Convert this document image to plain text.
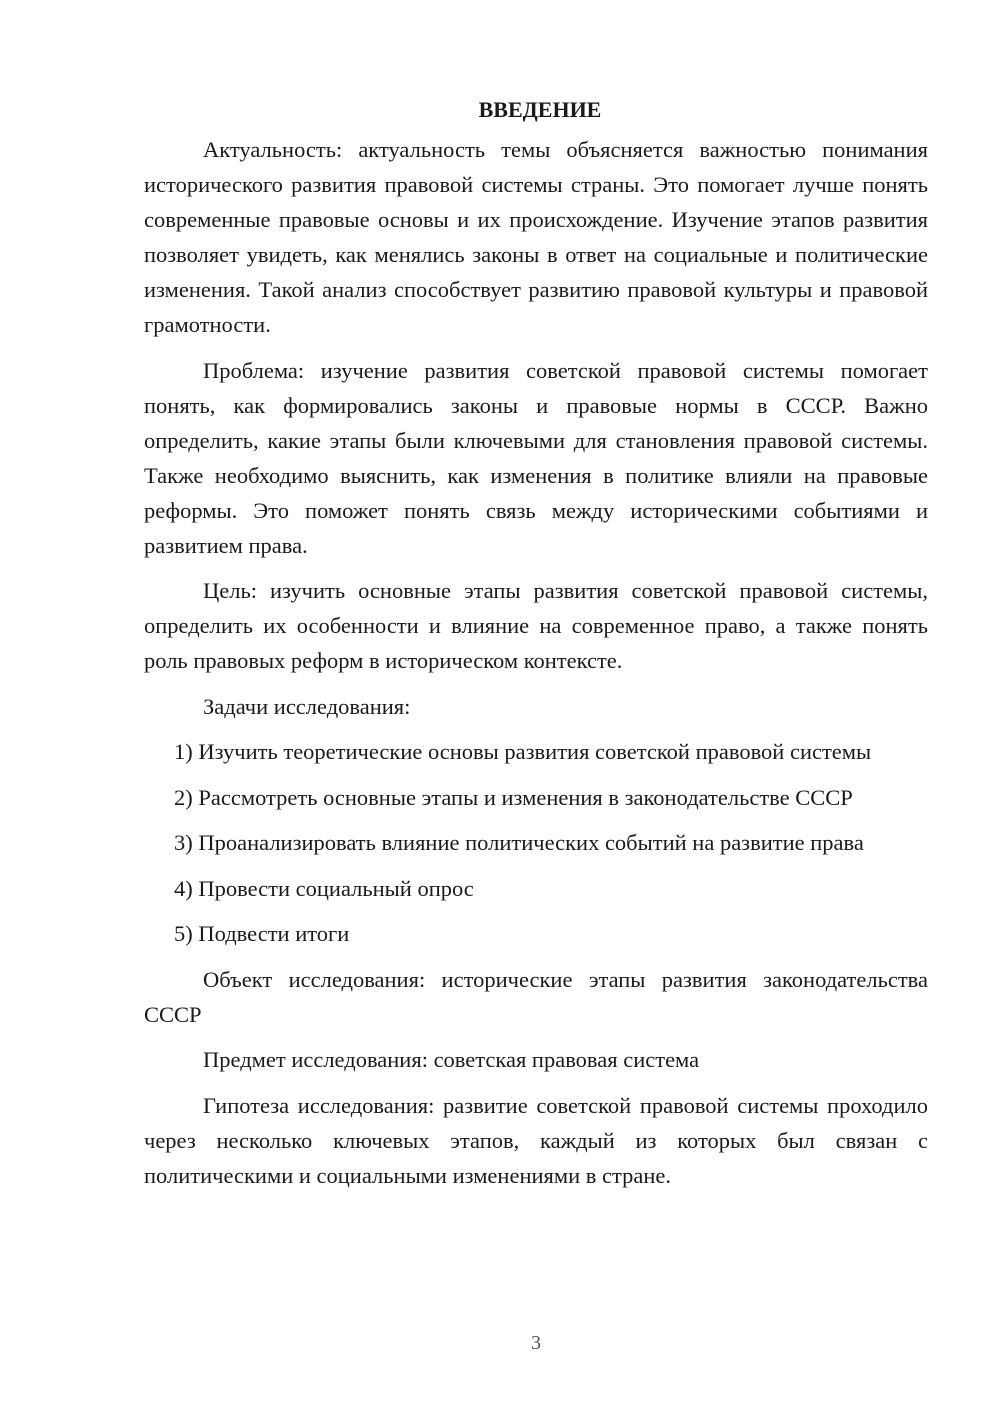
ВВЕДЕНИЕ

Актуальность: актуальность темы объясняется важностью понимания исторического развития правовой системы страны. Это помогает лучше понять современные правовые основы и их происхождение. Изучение этапов развития позволяет увидеть, как менялись законы в ответ на социальные и политические изменения. Такой анализ способствует развитию правовой культуры и правовой грамотности.

Проблема: изучение развития советской правовой системы помогает понять, как формировались законы и правовые нормы в СССР. Важно определить, какие этапы были ключевыми для становления правовой системы. Также необходимо выяснить, как изменения в политике влияли на правовые реформы. Это поможет понять связь между историческими событиями и развитием права.

Цель: изучить основные этапы развития советской правовой системы, определить их особенности и влияние на современное право, а также понять роль правовых реформ в историческом контексте.

Задачи исследования:

1) Изучить теоретические основы развития советской правовой системы

2) Рассмотреть основные этапы и изменения в законодательстве СССР

3) Проанализировать влияние политических событий на развитие права

4) Провести социальный опрос

5) Подвести итоги

Объект исследования: исторические этапы развития законодательства СССР

Предмет исследования: советская правовая система

Гипотеза исследования: развитие советской правовой системы проходило через несколько ключевых этапов, каждый из которых был связан с политическими и социальными изменениями в стране.

3
